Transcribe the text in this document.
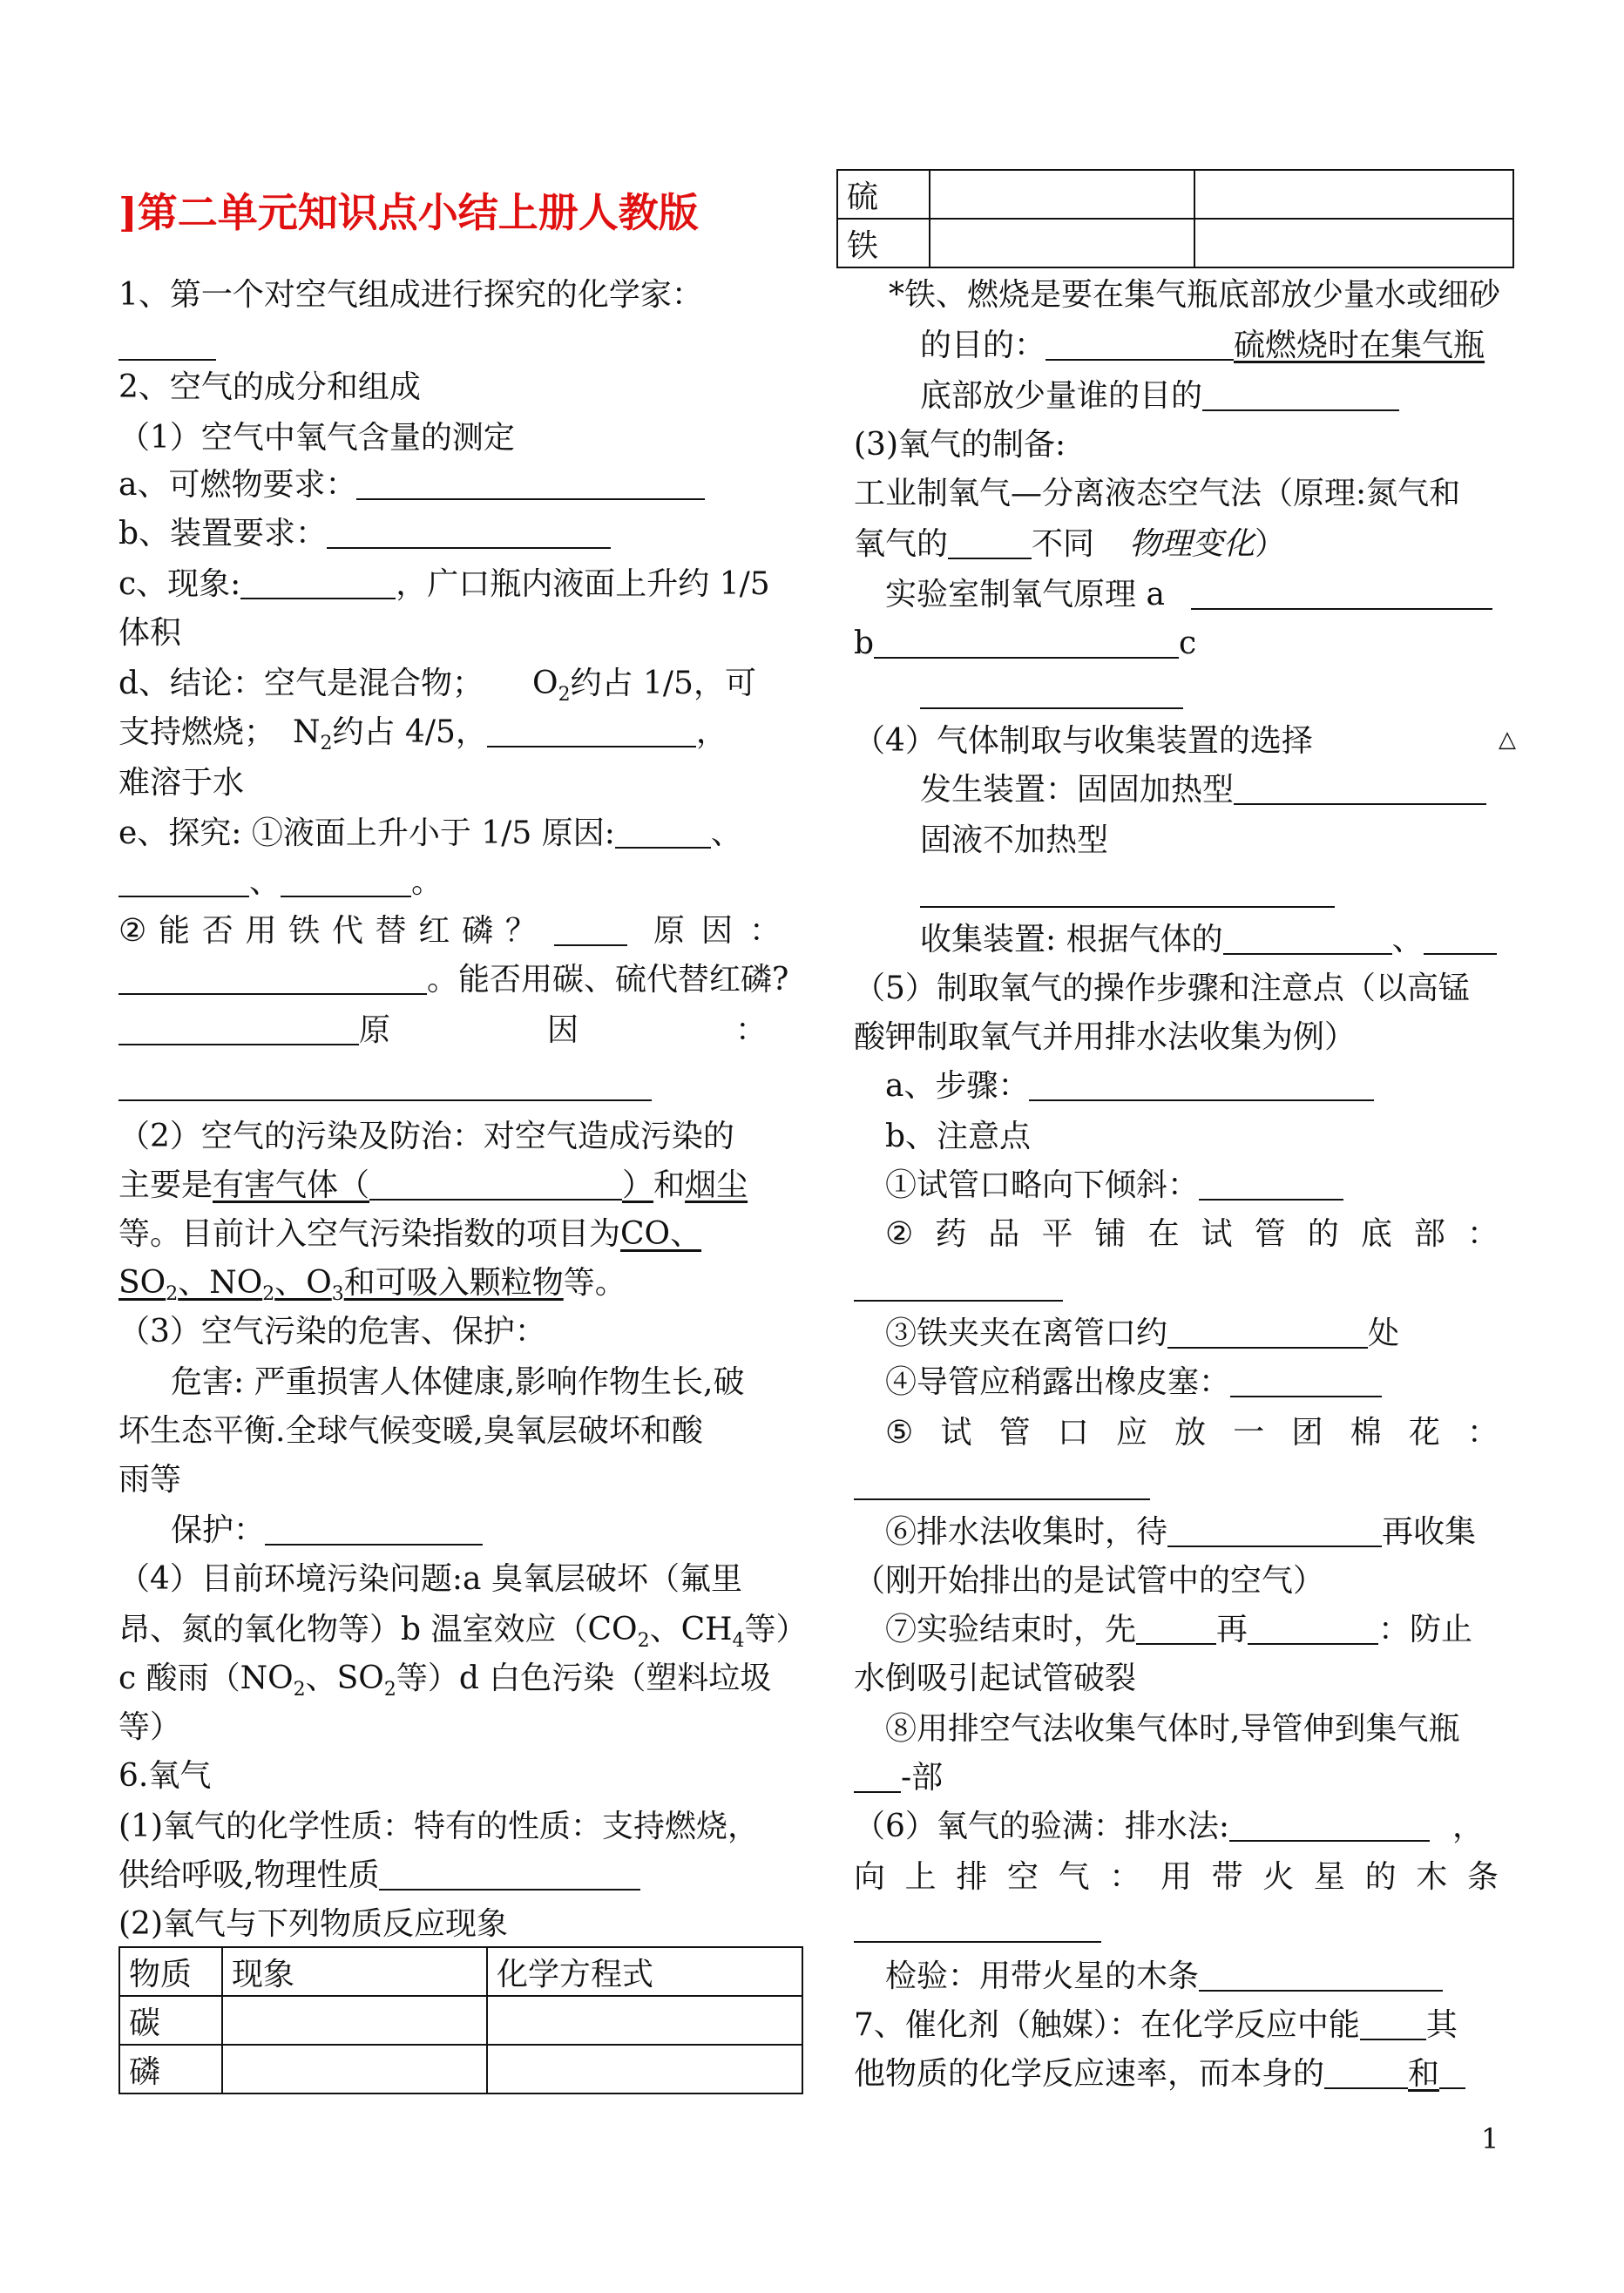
]第二单元知识点小结上册人教版
1、第一个对空气组成进行探究的化学家：
2、空气的成分和组成
（1）空气中氧气含量的测定
a、可燃物要求：
b、装置要求：
c、现象:	，广口瓶内液面上升约 1/5
体积
d、结论：空气是混合物； $O_2$约占 1/5，可
支持燃烧； $N_2$约占 4/5，	，
难溶于水
e、探究: ①液面上升小于 1/5 原因:	、
、	。
② 能 否 用 铁 代 替 红 磷 ？	原 因 ：
。能否用碳、硫代替红磷?
原	因	：
（2）空气的污染及防治：对空气造成污染的
主要是有害气体（	）和烟尘
等。目前计入空气污染指数的项目为CO、
$SO_2$、$NO_2$、$O_3$和可吸入颗粒物等。
（3）空气污染的危害、保护：
危害: 严重损害人体健康,影响作物生长,破
坏生态平衡.全球气候变暖,臭氧层破坏和酸
雨等
保护：
（4）目前环境污染问题:a 臭氧层破坏（氟里
昂、氮的氧化物等）b 温室效应（$CO_2$、$CH_4$等）
c 酸雨（$NO_2$、$SO_2$等）d 白色污染（塑料垃圾
等）
6.氧气
(1)氧气的化学性质：特有的性质：支持燃烧，
供给呼吸,物理性质
(2)氧气与下列物质反应现象
物质	现象	化学方程式
碳		
磷		
硫		
铁		
*铁、燃烧是要在集气瓶底部放少量水或细砂
的目的：	硫燃烧时在集气瓶
底部放少量谁的目的
(3)氧气的制备:
工业制氧气—分离液态空气法（原理:氮气和
氧气的	不同 物理变化）
实验室制氧气原理 a
b	c
（4）气体制取与收集装置的选择
发生装置：固固加热型
固液不加热型
收集装置: 根据气体的	、
（5）制取氧气的操作步骤和注意点（以高锰
酸钾制取氧气并用排水法收集为例）
a、步骤：
b、注意点
①试管口略向下倾斜：
② 药 品 平 铺 在 试 管 的 底 部 ：
③铁夹夹在离管口约	处
④导管应稍露出橡皮塞：
⑤ 试 管 口 应 放 一 团 棉 花 ：
⑥排水法收集时，待	再收集
（刚开始排出的是试管中的空气）
⑦实验结束时，先	再	：防止
水倒吸引起试管破裂
⑧用排空气法收集气体时,导管伸到集气瓶
-部
（6）氧气的验满：排水法:	，
向 上 排 空 气 ： 用 带 火 星 的 木 条
检验：用带火星的木条
7、催化剂（触媒）：在化学反应中能 其
他物质的化学反应速率，而本身的	和
△
1
